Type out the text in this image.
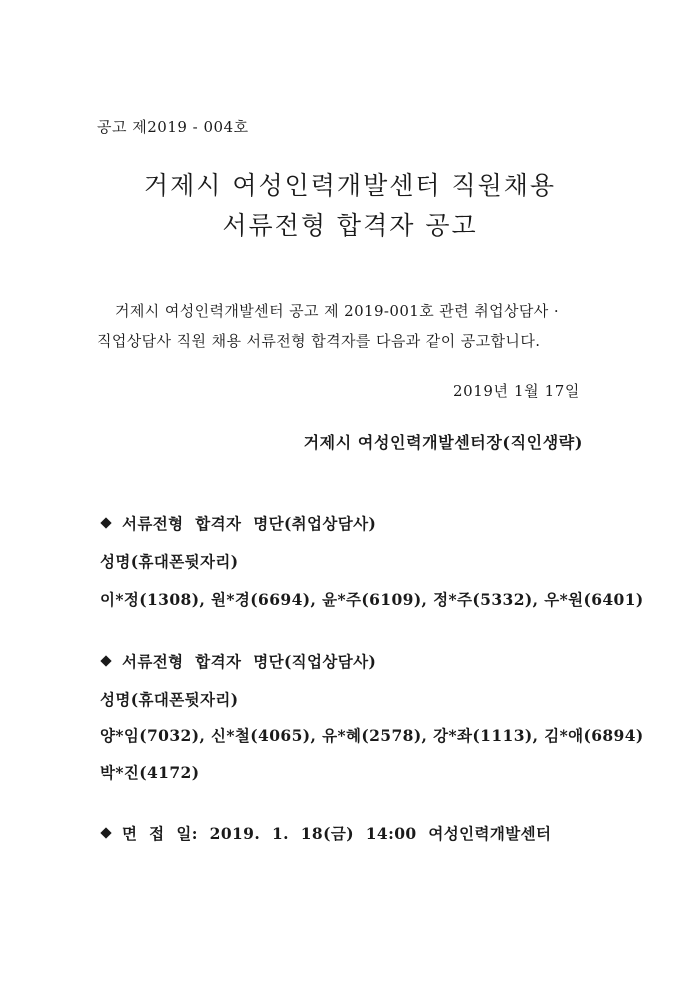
공고 제2019 - 004호
거제시 여성인력개발센터 직원채용
서류전형 합격자 공고
거제시 여성인력개발센터 공고 제 2019-001호 관련 취업상담사 ·
직업상담사 직원 채용 서류전형 합격자를 다음과 같이 공고합니다.
2019년 1월 17일
거제시 여성인력개발센터장(직인생략)
서류전형 합격자 명단(취업상담사)
성명(휴대폰뒷자리)
이*정(1308), 원*경(6694), 윤*주(6109), 정*주(5332), 우*원(6401)
서류전형 합격자 명단(직업상담사)
성명(휴대폰뒷자리)
양*임(7032), 신*철(4065), 유*혜(2578), 강*좌(1113), 김*애(6894)
박*진(4172)
면 접 일: 2019. 1. 18(금) 14:00 여성인력개발센터
